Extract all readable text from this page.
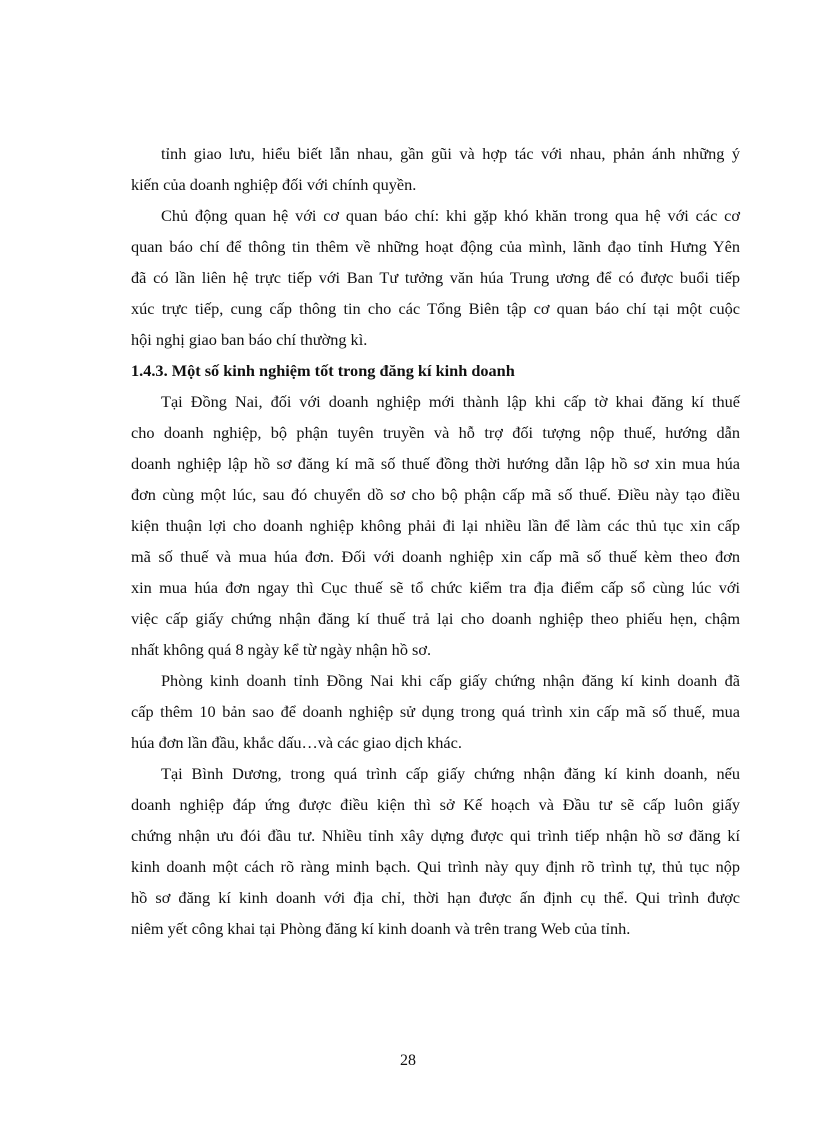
tỉnh giao lưu, hiểu biết lẫn nhau, gần gũi và hợp tác với nhau, phản ánh những ý
kiến của doanh nghiệp đối với chính quyền.
Chủ động quan hệ với cơ quan báo chí: khi gặp khó khăn trong qua hệ với các cơ
quan báo chí để thông tin thêm về những hoạt động của mình, lãnh đạo tỉnh Hưng Yên
đã có lần liên hệ trực tiếp với Ban Tư tưởng văn húa Trung ương để có được buổi tiếp
xúc trực tiếp, cung cấp thông tin cho các Tổng Biên tập cơ quan báo chí tại một cuộc
hội nghị giao ban báo chí thường kì.
1.4.3. Một số kinh nghiệm tốt trong đăng kí kinh doanh
Tại Đồng Nai, đối với doanh nghiệp mới thành lập khi cấp tờ khai đăng kí thuế
cho doanh nghiệp, bộ phận tuyên truyền và hỗ trợ đối tượng nộp thuế, hướng dẫn
doanh nghiệp lập hồ sơ đăng kí mã số thuế đồng thời hướng dẫn lập hồ sơ xin mua húa
đơn cùng một lúc, sau đó chuyển dồ sơ cho bộ phận cấp mã số thuế. Điều này tạo điều
kiện thuận lợi cho doanh nghiệp không phải đi lại nhiều lần để làm các thủ tục xin cấp
mã số thuế và mua húa đơn. Đối với doanh nghiệp xin cấp mã số thuế kèm theo đơn
xin mua húa đơn ngay thì Cục thuế sẽ tổ chức kiểm tra địa điểm cấp sổ cùng lúc với
việc cấp giấy chứng nhận đăng kí thuế trả lại cho doanh nghiệp theo phiếu hẹn, chậm
nhất không quá 8 ngày kể từ ngày nhận hồ sơ.
Phòng kinh doanh tỉnh Đồng Nai khi cấp giấy chứng nhận đăng kí kinh doanh đã
cấp thêm 10 bản sao để doanh nghiệp sử dụng trong quá trình xin cấp mã số thuế, mua
húa đơn lần đầu, khắc dấu…và các giao dịch khác.
Tại Bình Dương, trong quá trình cấp giấy chứng nhận đăng kí kinh doanh, nếu
doanh nghiệp đáp ứng được điều kiện thì sở Kế hoạch và Đầu tư sẽ cấp luôn giấy
chứng nhận ưu đói đầu tư. Nhiều tỉnh xây dựng được qui trình tiếp nhận hồ sơ đăng kí
kinh doanh một cách rõ ràng minh bạch. Qui trình này quy định rõ trình tự, thủ tục nộp
hồ sơ đăng kí kinh doanh với địa chỉ, thời hạn được ấn định cụ thể. Qui trình được
niêm yết công khai tại Phòng đăng kí kinh doanh và trên trang Web của tỉnh.
28
